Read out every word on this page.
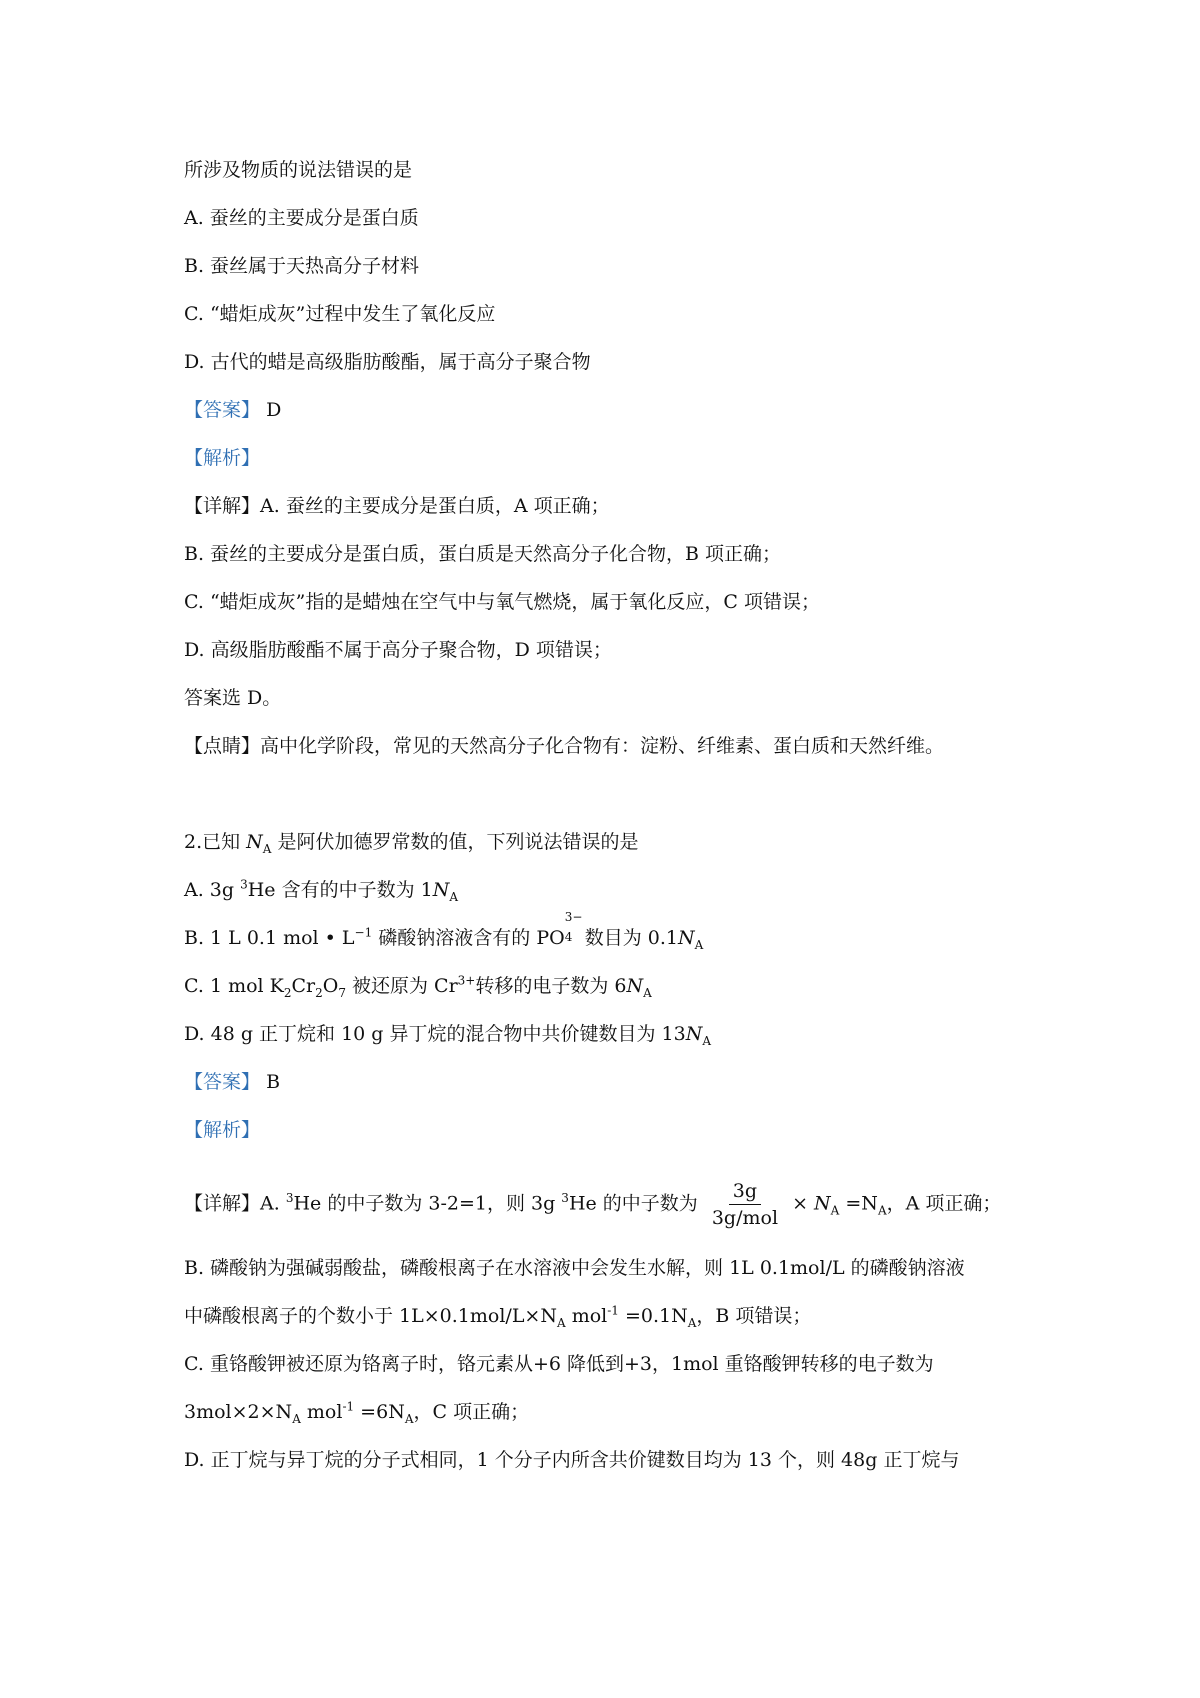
所涉及物质的说法错误的是
A. 蚕丝的主要成分是蛋白质
B. 蚕丝属于天热高分子材料
C. “蜡炬成灰”过程中发生了氧化反应
D. 古代的蜡是高级脂肪酸酯，属于高分子聚合物
【答案】 D
【解析】
【详解】A. 蚕丝的主要成分是蛋白质，A 项正确；
B. 蚕丝的主要成分是蛋白质，蛋白质是天然高分子化合物，B 项正确；
C. “蜡炬成灰”指的是蜡烛在空气中与氧气燃烧，属于氧化反应，C 项错误；
D. 高级脂肪酸酯不属于高分子聚合物，D 项错误；
答案选 D。
【点睛】高中化学阶段，常见的天然高分子化合物有：淀粉、纤维素、蛋白质和天然纤维。
2.已知 $N_A$ 是阿伏加德罗常数的值，下列说法错误的是
A. 3g $^3$He 含有的中子数为 $1N_A$
B. 1 L 0.1 mol • $L^{-1}$ 磷酸钠溶液含有的 PO
3−
4 数目为 $0.1N_A$
C. 1 mol $K_2Cr_2O_7$ 被还原为 $Cr^{3+}$转移的电子数为 $6N_A$
D. 48 g 正丁烷和 10 g 异丁烷的混合物中共价键数目为 $13N_A$
【答案】 B
【解析】
【详解】A. $^3$He 的中子数为 3-2=1，则 3g $^3$He 的中子数为 $\frac{3g}{\text{3g/mol}} \times N_A =N_A$，A 项正确；
B. 磷酸钠为强碱弱酸盐，磷酸根离子在水溶液中会发生水解，则 1L 0.1mol/L 的磷酸钠溶液
中磷酸根离子的个数小于 $1L\times 0.1mol/L\times N_A$ $mol^{-1} =0.1N_A$，B 项错误；
C. 重铬酸钾被还原为铬离子时，铬元素从+6 降低到+3，1mol 重铬酸钾转移的电子数为
$3mol\times 2\times N_A$ $mol^{-1} =6N_A$，C 项正确；
D. 正丁烷与异丁烷的分子式相同，1 个分子内所含共价键数目均为 13 个，则 48g 正丁烷与
